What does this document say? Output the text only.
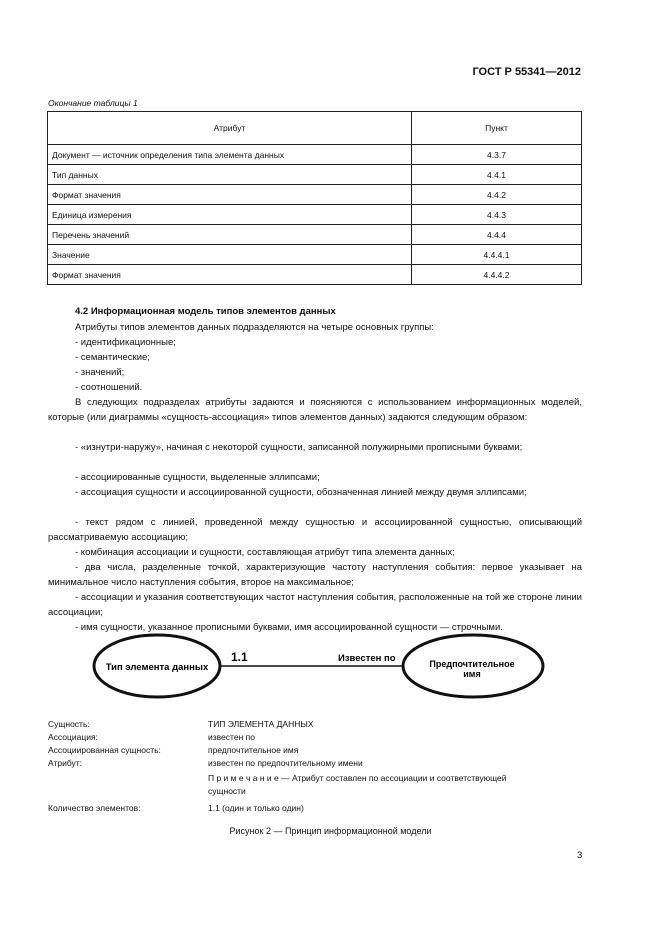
ГОСТ Р 55341—2012
Окончание таблицы 1
Атрибут	Пункт
Документ — источник определения типа элемента данных	4.3.7
Тип данных	4.4.1
Формат значения	4.4.2
Единица измерения	4.4.3
Перечень значений	4.4.4
Значение	4.4.4.1
Формат значения	4.4.4.2
4.2 Информационная модель типов элементов данных
Атрибуты типов элементов данных подразделяются на четыре основных группы:
- идентификационные;
- семантические;
- значений;
- соотношений.
В следующих подразделах атрибуты задаются и поясняются с использованием информационных моделей, которые (или диаграммы «сущность-ассоциация» типов элементов данных) задаются следующим образом:
- «изнутри-наружу», начиная с некоторой сущности, записанной полужирными прописными буквами;
- ассоциированные сущности, выделенные эллипсами;
- ассоциация сущности и ассоциированной сущности, обозначенная линией между двумя эллипсами;
- текст рядом с линией, проведенной между сущностью и ассоциированной сущностью, описывающий рассматриваемую ассоциацию;
- комбинация ассоциации и сущности, составляющая атрибут типа элемента данных;
- два числа, разделенные точкой, характеризующие частоту наступления события: первое указывает на минимальное число наступления события, второе на максимальное;
- ассоциации и указания соответствующих частот наступления события, расположенные на той же стороне линии ассоциации;
- имя сущности, указанное прописными буквами, имя ассоциированной сущности — строчными.
Тип элемента данных
1.1	Известен по	Предпочтительное
имя
Сущность:	ТИП ЭЛЕМЕНТА ДАННЫХ
Ассоциация:	известен по
Ассоциированная сущность:	предпочтительное имя
Атрибут:	известен по предпочтительному имени
П р и м е ч а н и е — Атрибут составлен по ассоциации и соответствующей
сущности
Количество элементов:	1.1 (один и только один)
Рисунок 2 — Принцип информационной модели
3
